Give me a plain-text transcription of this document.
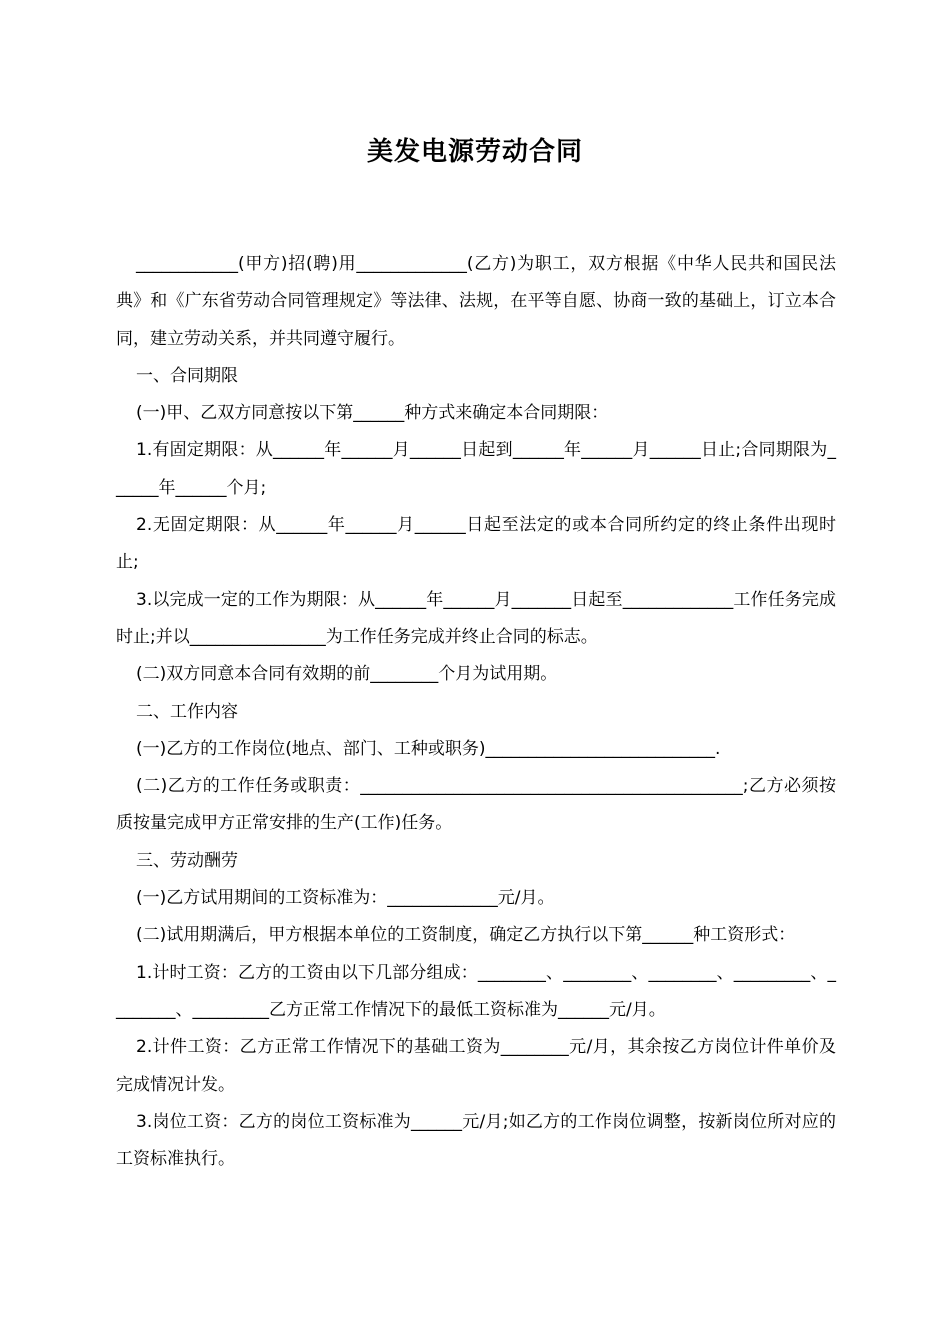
美发电源劳动合同

____________(甲方)招(聘)用_____________(乙方)为职工，双方根据《中华人民共和国民法典》和《广东省劳动合同管理规定》等法律、法规，在平等自愿、协商一致的基础上，订立本合同，建立劳动关系，并共同遵守履行。

一、合同期限

(一)甲、乙双方同意按以下第______种方式来确定本合同期限：

1.有固定期限：从______年______月______日起到______年______月______日止;合同期限为______年______个月;

2.无固定期限：从______年______月______日起至法定的或本合同所约定的终止条件出现时止;

3.以完成一定的工作为期限：从______年______月_______日起至_____________工作任务完成时止;并以________________为工作任务完成并终止合同的标志。

(二)双方同意本合同有效期的前________个月为试用期。

二、工作内容

(一)乙方的工作岗位(地点、部门、工种或职务)___________________________.

(二)乙方的工作任务或职责：_____________________________________________;乙方必须按质按量完成甲方正常安排的生产(工作)任务。

三、劳动酬劳

(一)乙方试用期间的工资标准为：_____________元/月。

(二)试用期满后，甲方根据本单位的工资制度，确定乙方执行以下第______种工资形式：

1.计时工资：乙方的工资由以下几部分组成：________、________、________、_________、________、_________乙方正常工作情况下的最低工资标准为______元/月。

2.计件工资：乙方正常工作情况下的基础工资为________元/月，其余按乙方岗位计件单价及完成情况计发。

3.岗位工资：乙方的岗位工资标准为______元/月;如乙方的工作岗位调整，按新岗位所对应的工资标准执行。
